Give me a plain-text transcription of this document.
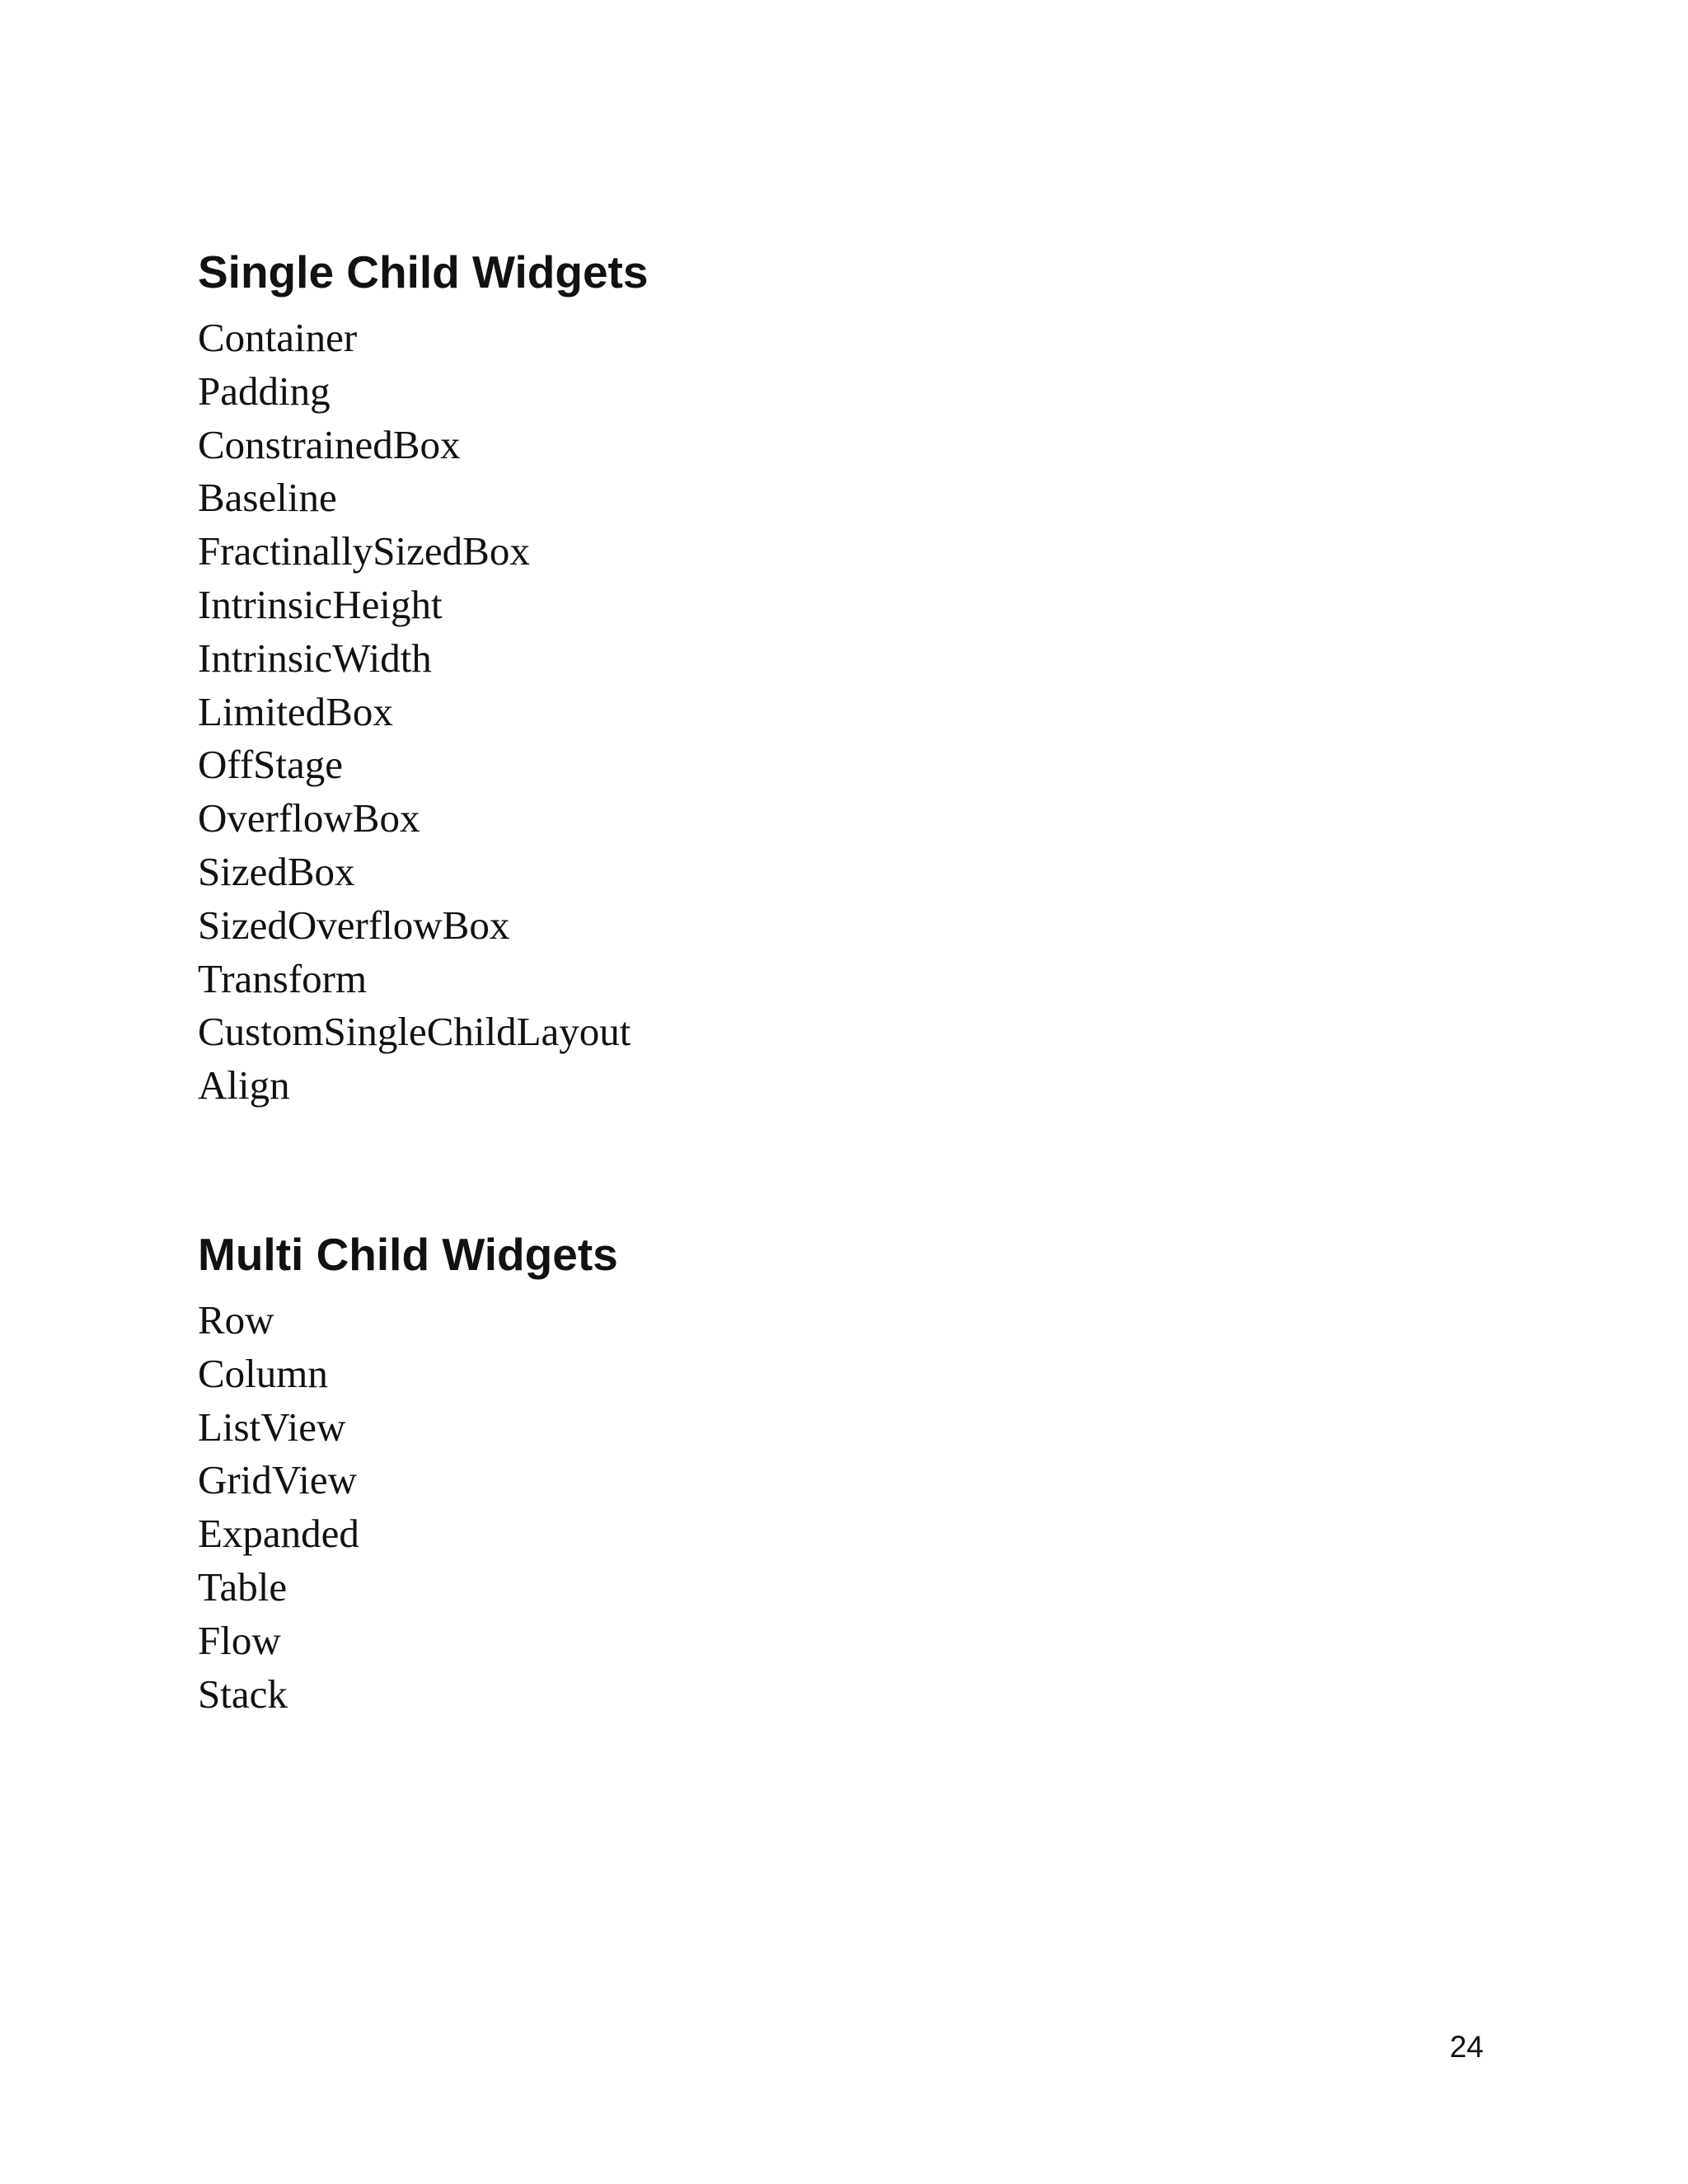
Single Child Widgets
Container
Padding
ConstrainedBox
Baseline
FractinallySizedBox
IntrinsicHeight
IntrinsicWidth
LimitedBox
OffStage
OverflowBox
SizedBox
SizedOverflowBox
Transform
CustomSingleChildLayout
Align
Multi Child Widgets
Row
Column
ListView
GridView
Expanded
Table
Flow
Stack
24
